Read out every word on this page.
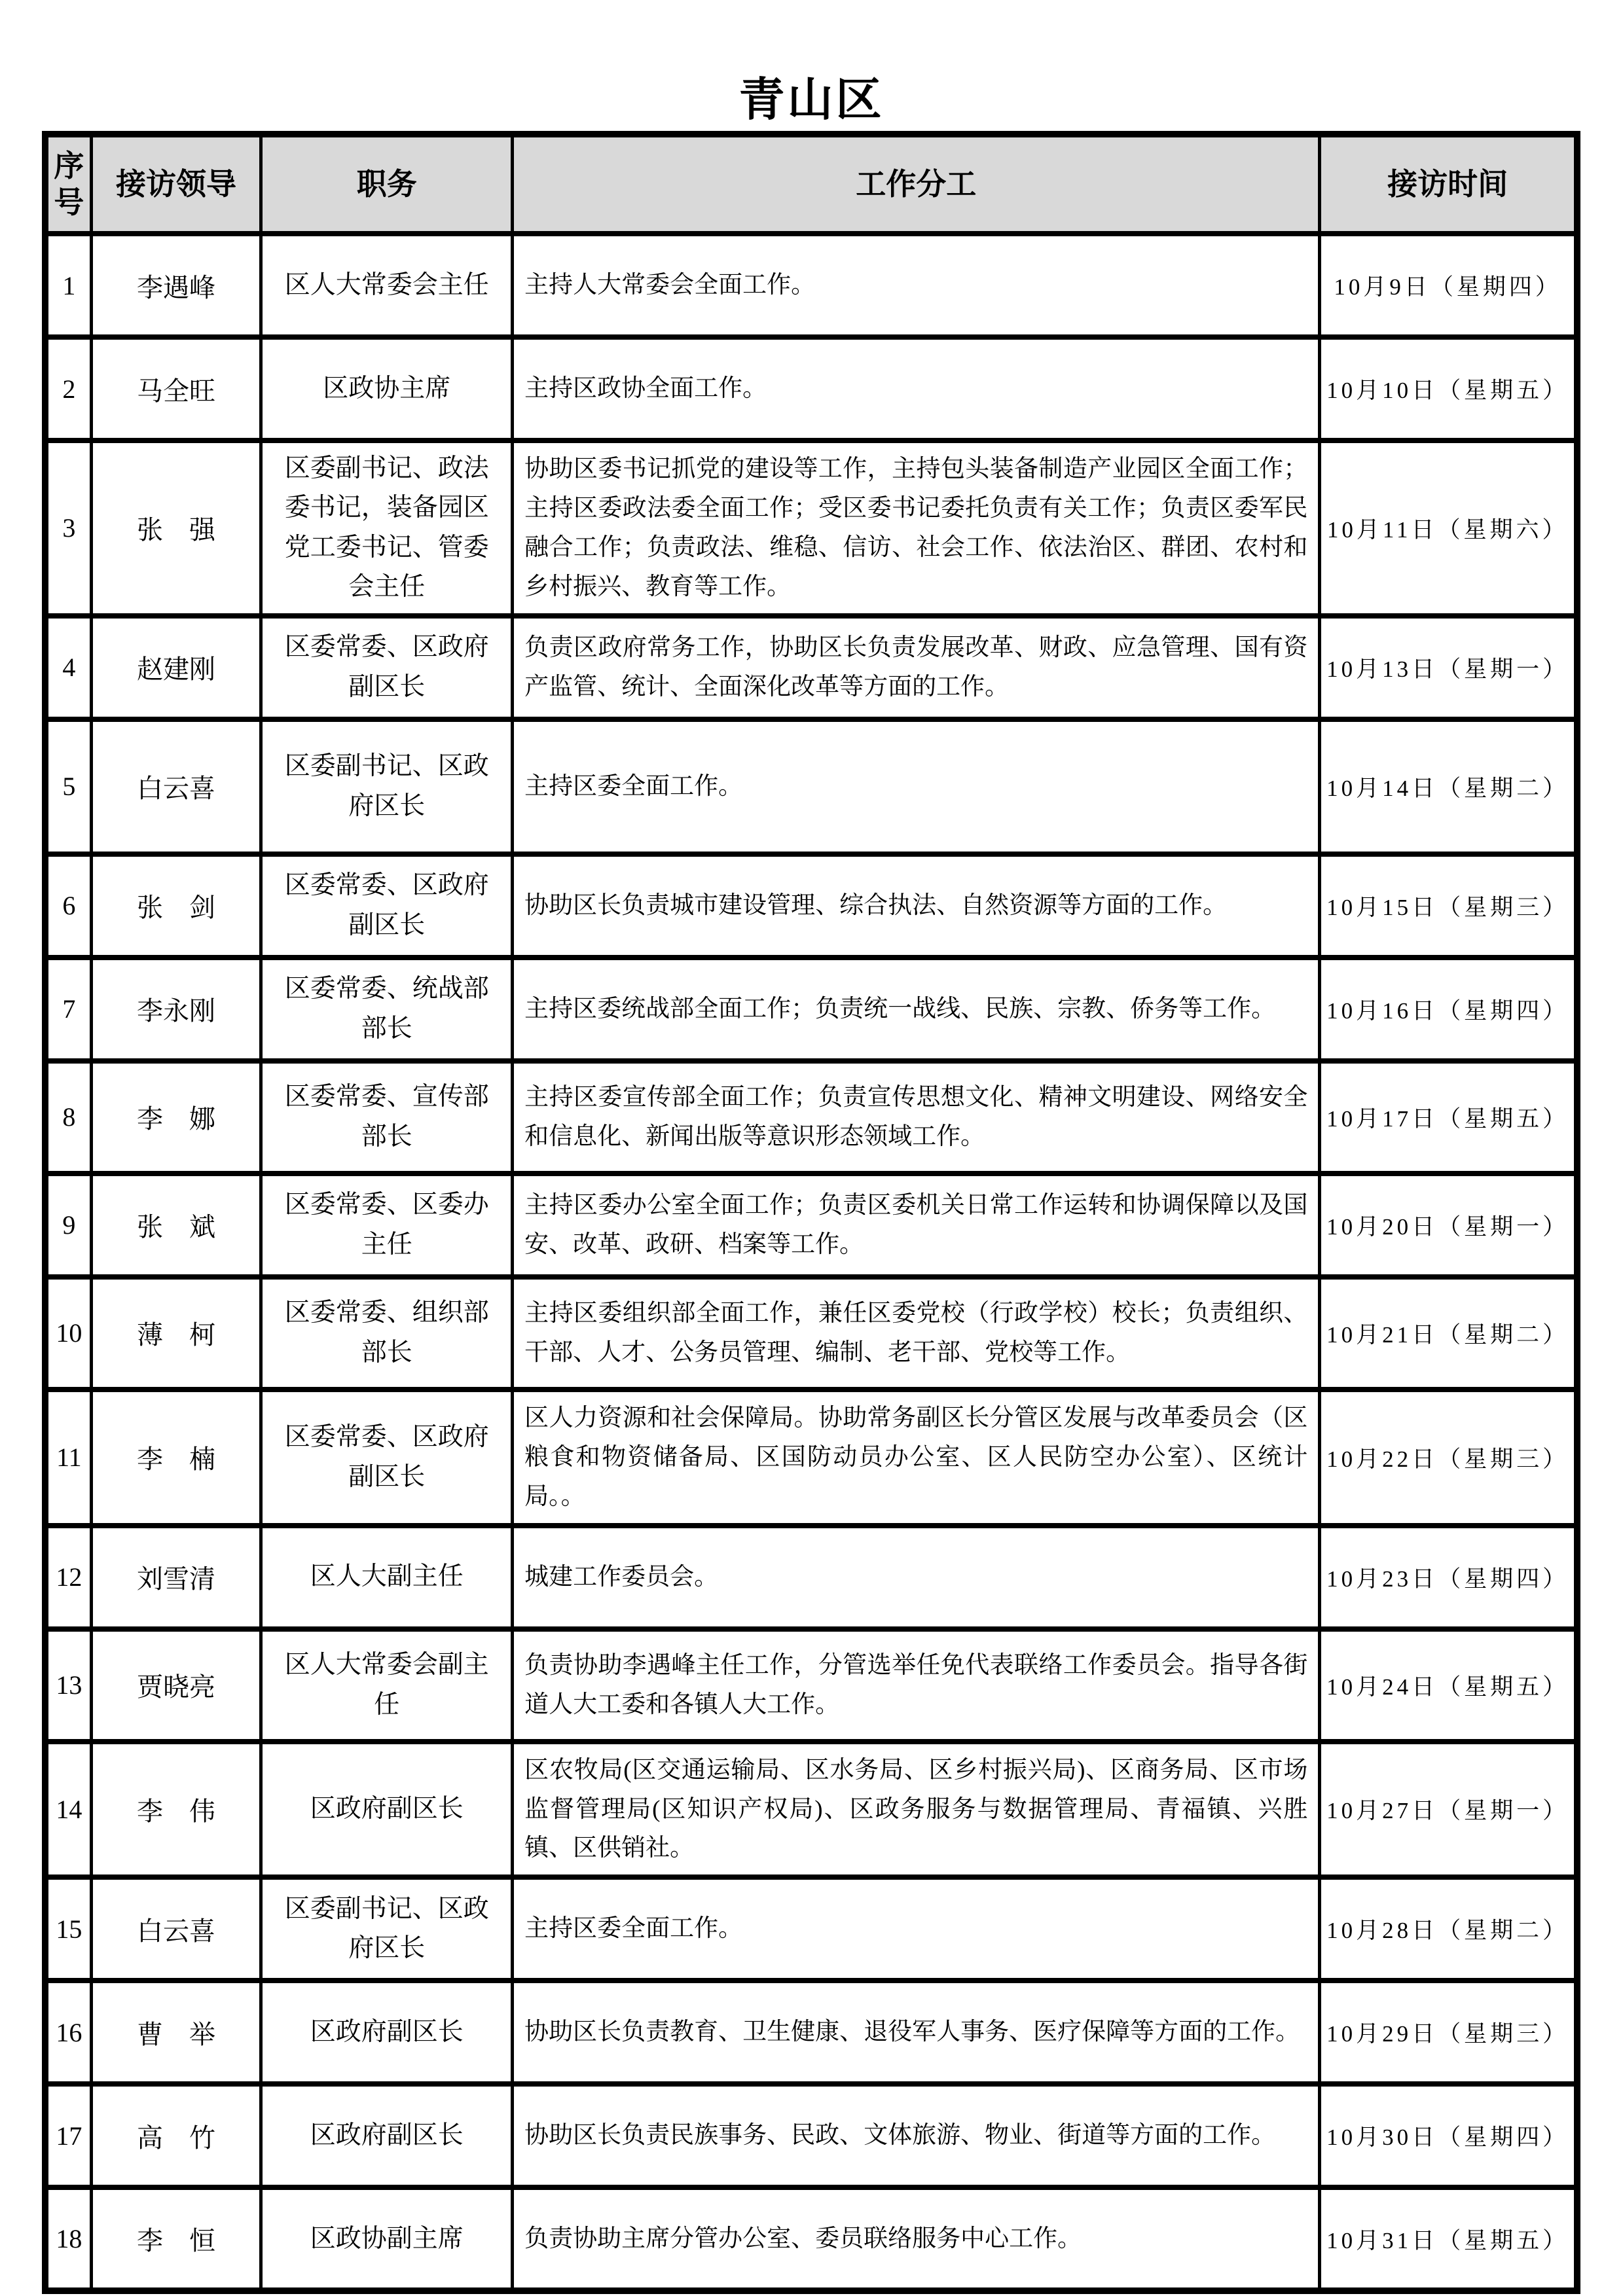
青山区
序号	接访领导	职务	工作分工	接访时间
1	李遇峰	区人大常委会主任	主持人大常委会全面工作。	10月9日（星期四）
2	马全旺	区政协主席	主持区政协全面工作。	10月10日（星期五）
3	张　强	区委副书记、政法委书记，装备园区党工委书记、管委会主任	协助区委书记抓党的建设等工作，主持包头装备制造产业园区全面工作；主持区委政法委全面工作；受区委书记委托负责有关工作；负责区委军民融合工作；负责政法、维稳、信访、社会工作、依法治区、群团、农村和乡村振兴、教育等工作。	10月11日（星期六）
4	赵建刚	区委常委、区政府副区长	负责区政府常务工作，协助区长负责发展改革、财政、应急管理、国有资产监管、统计、全面深化改革等方面的工作。	10月13日（星期一）
5	白云喜	区委副书记、区政府区长	主持区委全面工作。	10月14日（星期二）
6	张　剑	区委常委、区政府副区长	协助区长负责城市建设管理、综合执法、自然资源等方面的工作。	10月15日（星期三）
7	李永刚	区委常委、统战部部长	主持区委统战部全面工作；负责统一战线、民族、宗教、侨务等工作。	10月16日（星期四）
8	李　娜	区委常委、宣传部部长	主持区委宣传部全面工作；负责宣传思想文化、精神文明建设、网络安全和信息化、新闻出版等意识形态领域工作。	10月17日（星期五）
9	张　斌	区委常委、区委办主任	主持区委办公室全面工作；负责区委机关日常工作运转和协调保障以及国安、改革、政研、档案等工作。	10月20日（星期一）
10	薄　柯	区委常委、组织部部长	主持区委组织部全面工作，兼任区委党校（行政学校）校长；负责组织、干部、人才、公务员管理、编制、老干部、党校等工作。	10月21日（星期二）
11	李　楠	区委常委、区政府副区长	区人力资源和社会保障局。协助常务副区长分管区发展与改革委员会（区粮食和物资储备局、区国防动员办公室、区人民防空办公室）、区统计局。。	10月22日（星期三）
12	刘雪清	区人大副主任	城建工作委员会。	10月23日（星期四）
13	贾晓亮	区人大常委会副主任	负责协助李遇峰主任工作，分管选举任免代表联络工作委员会。指导各街道人大工委和各镇人大工作。	10月24日（星期五）
14	李　伟	区政府副区长	区农牧局(区交通运输局、区水务局、区乡村振兴局)、区商务局、区市场监督管理局(区知识产权局)、区政务服务与数据管理局、青福镇、兴胜镇、区供销社。	10月27日（星期一）
15	白云喜	区委副书记、区政府区长	主持区委全面工作。	10月28日（星期二）
16	曹　举	区政府副区长	协助区长负责教育、卫生健康、退役军人事务、医疗保障等方面的工作。	10月29日（星期三）
17	高　竹	区政府副区长	协助区长负责民族事务、民政、文体旅游、物业、街道等方面的工作。	10月30日（星期四）
18	李　恒	区政协副主席	负责协助主席分管办公室、委员联络服务中心工作。	10月31日（星期五）
